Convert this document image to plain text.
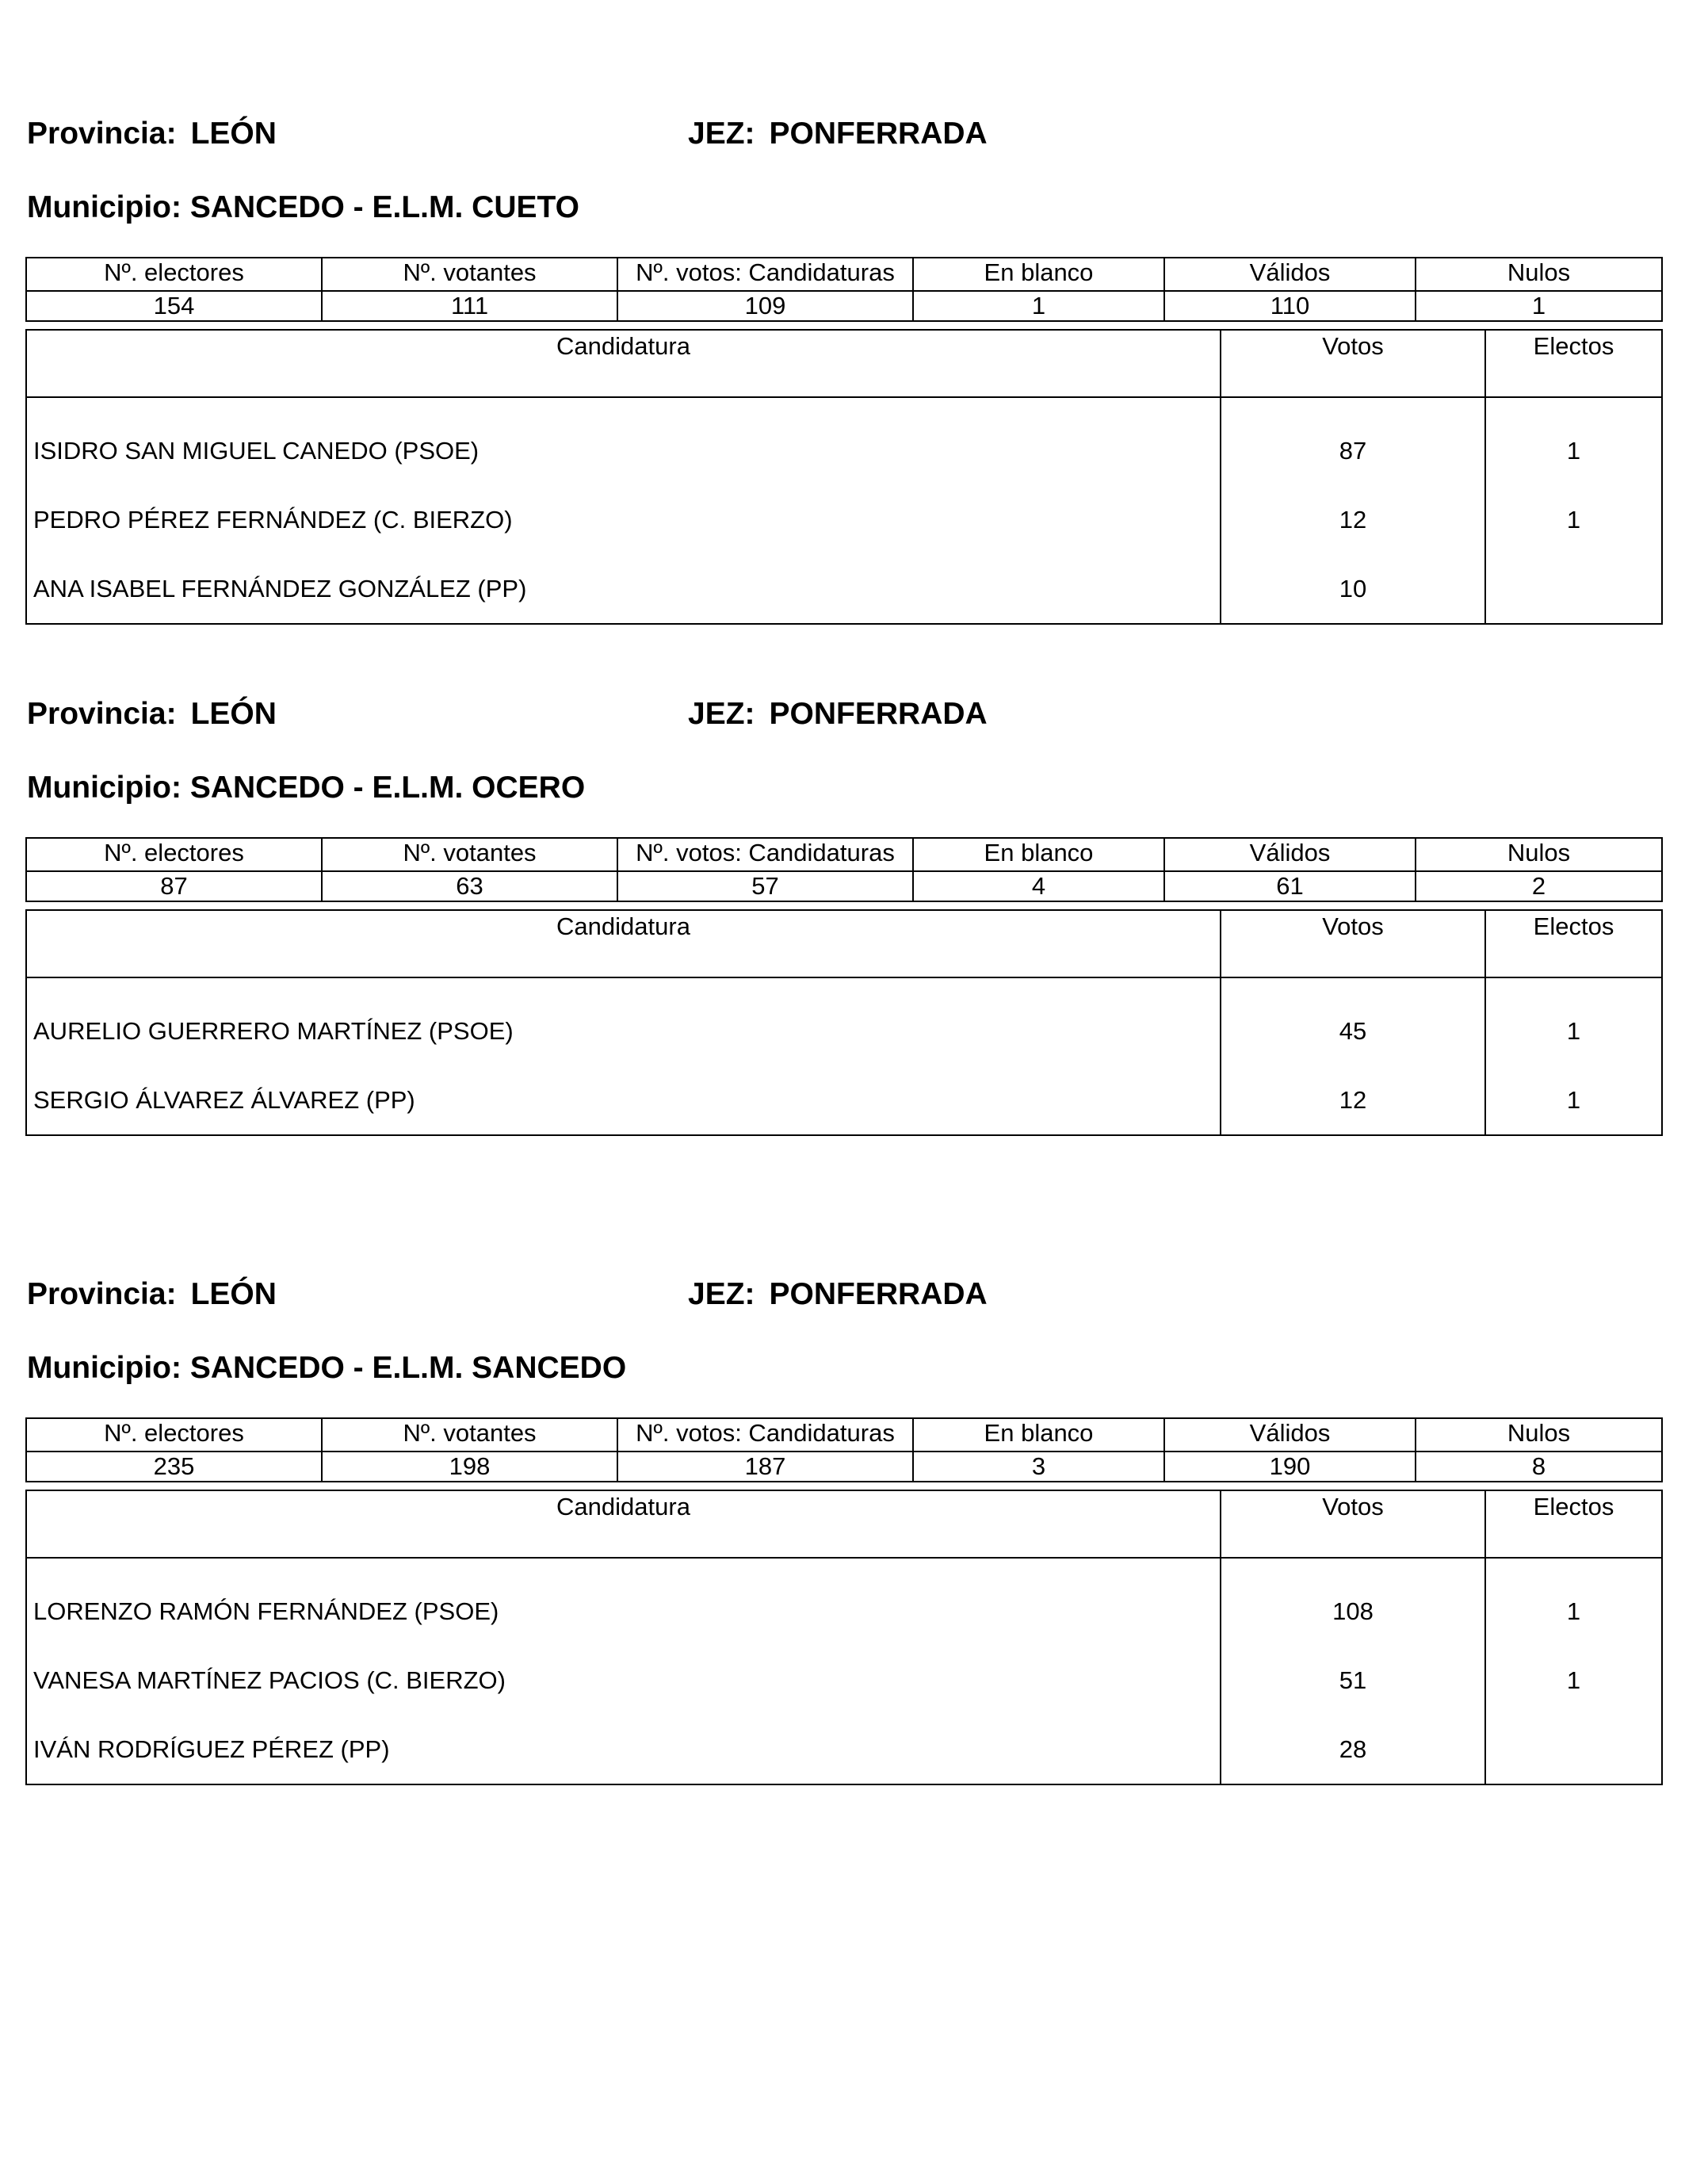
Provincia: LEÓN	JEZ: PONFERRADA
Municipio: SANCEDO - E.L.M. CUETO
Nº. electores	Nº. votantes	Nº. votos: Candidaturas	En blanco	Válidos	Nulos

154	111	109	1	110	1
Candidatura	Votos	Electos
ISIDRO SAN MIGUEL CANEDO (PSOE)	87	1
PEDRO PÉREZ FERNÁNDEZ (C. BIERZO)	12	1
ANA ISABEL FERNÁNDEZ GONZÁLEZ (PP)	10	
Provincia: LEÓN	JEZ: PONFERRADA
Municipio: SANCEDO - E.L.M. OCERO
Nº. electores	Nº. votantes	Nº. votos: Candidaturas	En blanco	Válidos	Nulos

87	63	57	4	61	2
Candidatura	Votos	Electos
AURELIO GUERRERO MARTÍNEZ (PSOE)	45	1
SERGIO ÁLVAREZ ÁLVAREZ (PP)	12	1
Provincia: LEÓN	JEZ: PONFERRADA
Municipio: SANCEDO - E.L.M. SANCEDO
Nº. electores	Nº. votantes	Nº. votos: Candidaturas	En blanco	Válidos	Nulos

235	198	187	3	190	8
Candidatura	Votos	Electos
LORENZO RAMÓN FERNÁNDEZ (PSOE)	108	1
VANESA MARTÍNEZ PACIOS (C. BIERZO)	51	1
IVÁN RODRÍGUEZ PÉREZ (PP)	28	
